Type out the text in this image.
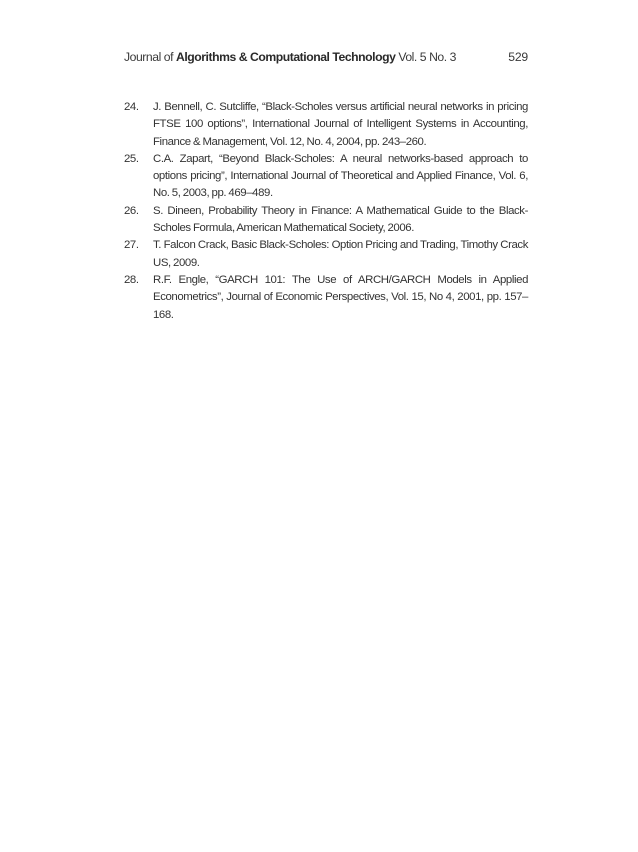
Journal of Algorithms & Computational Technology Vol. 5 No. 3	529
24.	J. Bennell, C. Sutcliffe, “Black-Scholes versus artificial neural networks in pricing FTSE 100 options”, International Journal of Intelligent Systems in Accounting, Finance & Management, Vol. 12, No. 4, 2004, pp. 243–260.
25.	C.A. Zapart, “Beyond Black-Scholes: A neural networks-based approach to options pricing”, International Journal of Theoretical and Applied Finance, Vol. 6, No. 5, 2003, pp. 469–489.
26.	S. Dineen, Probability Theory in Finance: A Mathematical Guide to the Black-Scholes Formula, American Mathematical Society, 2006.
27.	T. Falcon Crack, Basic Black-Scholes: Option Pricing and Trading, Timothy Crack US, 2009.
28.	R.F. Engle, “GARCH 101: The Use of ARCH/GARCH Models in Applied Econometrics”, Journal of Economic Perspectives, Vol. 15, No 4, 2001, pp. 157–168.
